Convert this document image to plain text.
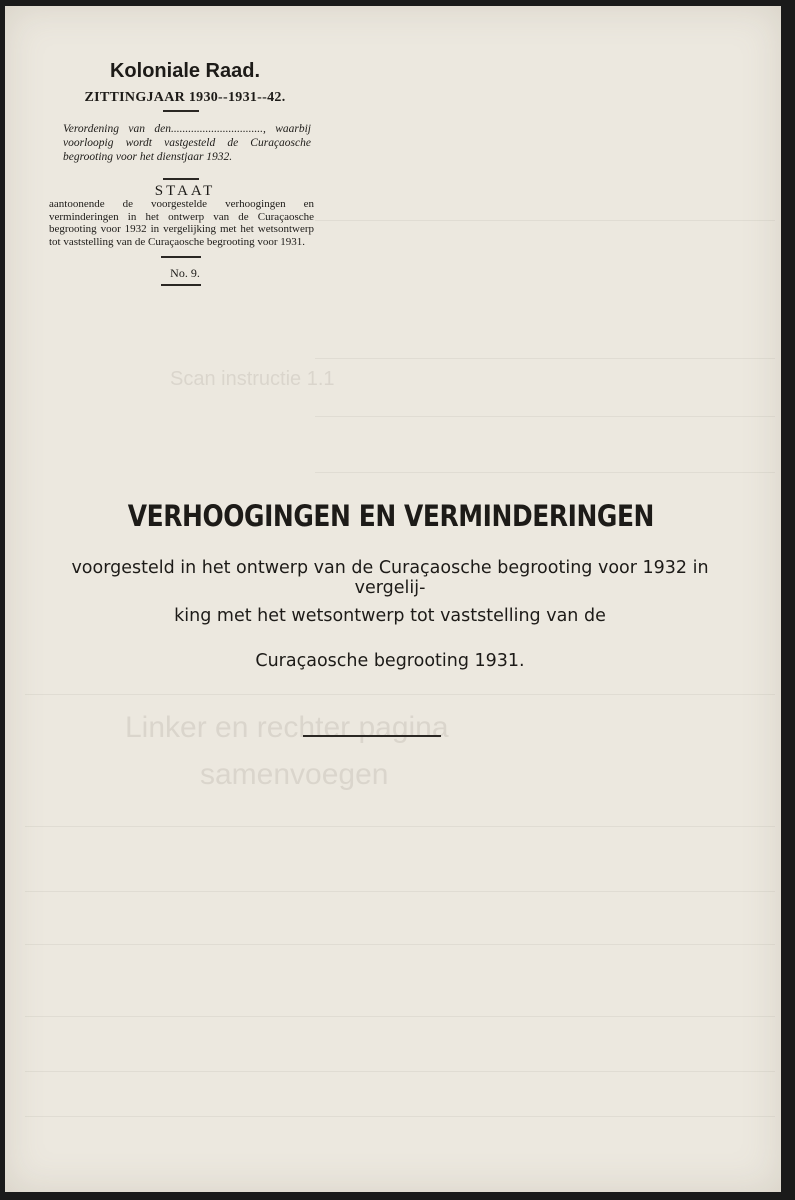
Scan instructie 1.1
Linker en rechter pagina
samenvoegen
Koloniale Raad.
ZITTINGJAAR 1930--1931--42.
Verordening van den................................, waarbij voorloopig wordt vastgesteld de Curaçaosche begrooting voor het dienstjaar 1932.
STAAT
aantoonende de voorgestelde verhoogingen en verminderingen in het ontwerp van de Curaçaosche begrooting voor 1932 in vergelijking met het wetsontwerp tot vaststelling van de Curaçaosche begrooting voor 1931.
No. 9.
VERHOOGINGEN EN VERMINDERINGEN
voorgesteld in het ontwerp van de Curaçaosche begrooting voor 1932 in vergelij-
king met het wetsontwerp tot vaststelling van de
Curaçaosche begrooting 1931.
